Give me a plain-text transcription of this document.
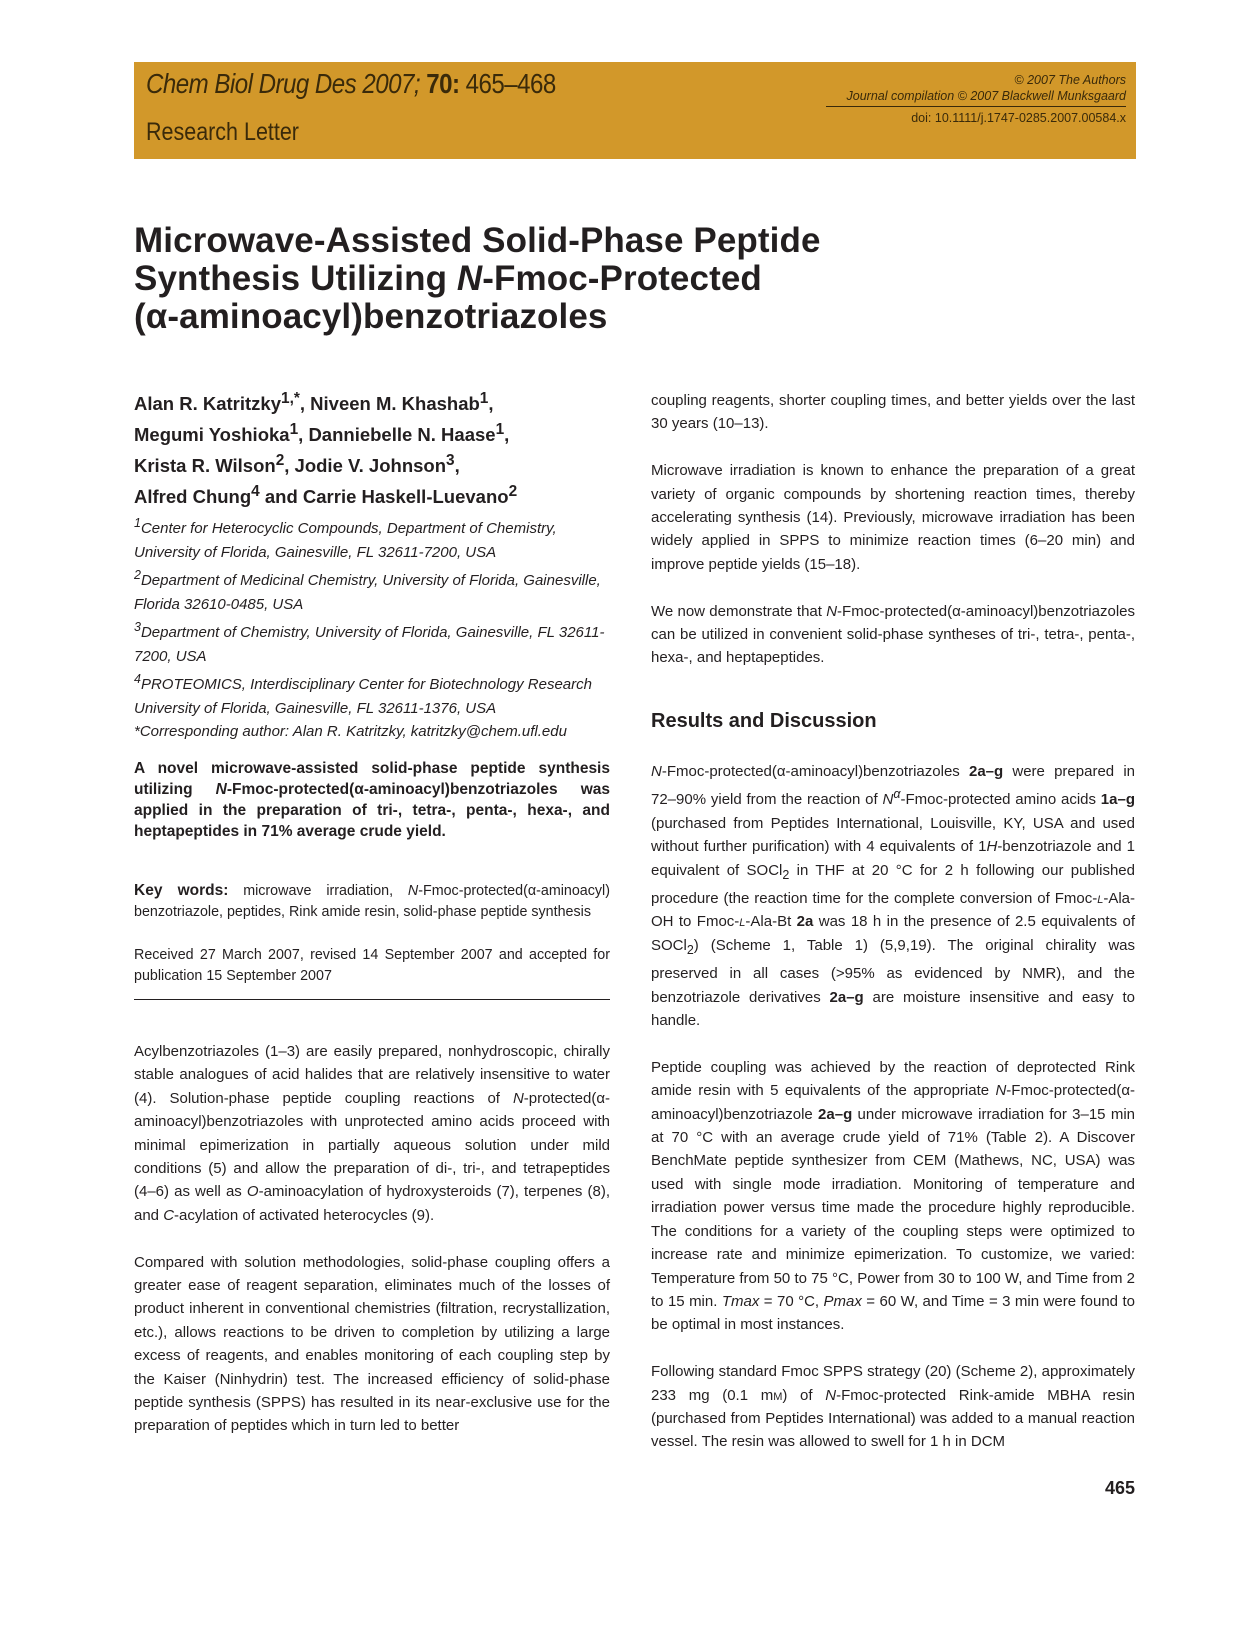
Chem Biol Drug Des 2007; 70: 465–468
Research Letter
© 2007 The Authors
Journal compilation © 2007 Blackwell Munksgaard
doi: 10.1111/j.1747-0285.2007.00584.x
Microwave-Assisted Solid-Phase Peptide
Synthesis Utilizing N-Fmoc-Protected
(α-aminoacyl)benzotriazoles

Alan R. Katritzky$^{1,*}$, Niveen M. Khashab$^1$,
Megumi Yoshioka$^1$, Danniebelle N. Haase$^1$,
Krista R. Wilson$^2$, Jodie V. Johnson$^3$,
Alfred Chung$^4$ and Carrie Haskell-Luevano$^2$

$^1$Center for Heterocyclic Compounds, Department of Chemistry, University of Florida, Gainesville, FL 32611-7200, USA

$^2$Department of Medicinal Chemistry, University of Florida, Gainesville, Florida 32610-0485, USA

$^3$Department of Chemistry, University of Florida, Gainesville, FL 32611-7200, USA

$^4$PROTEOMICS, Interdisciplinary Center for Biotechnology Research University of Florida, Gainesville, FL 32611-1376, USA

*Corresponding author: Alan R. Katritzky, katritzky@chem.ufl.edu

A novel microwave-assisted solid-phase peptide synthesis utilizing N-Fmoc-protected(α-aminoacyl)benzotriazoles was applied in the preparation of tri-, tetra-, penta-, hexa-, and heptapeptides in 71% average crude yield.

Key words: microwave irradiation, N-Fmoc-protected(α-aminoacyl) benzotriazole, peptides, Rink amide resin, solid-phase peptide synthesis

Received 27 March 2007, revised 14 September 2007 and accepted for publication 15 September 2007

Acylbenzotriazoles (1–3) are easily prepared, nonhydroscopic, chirally stable analogues of acid halides that are relatively insensitive to water (4). Solution-phase peptide coupling reactions of N-protected(α-aminoacyl)benzotriazoles with unprotected amino acids proceed with minimal epimerization in partially aqueous solution under mild conditions (5) and allow the preparation of di-, tri-, and tetrapeptides (4–6) as well as O-aminoacylation of hydroxysteroids (7), terpenes (8), and C-acylation of activated heterocycles (9).

Compared with solution methodologies, solid-phase coupling offers a greater ease of reagent separation, eliminates much of the losses of product inherent in conventional chemistries (filtration, recrystallization, etc.), allows reactions to be driven to completion by utilizing a large excess of reagents, and enables monitoring of each coupling step by the Kaiser (Ninhydrin) test. The increased efficiency of solid-phase peptide synthesis (SPPS) has resulted in its near-exclusive use for the preparation of peptides which in turn led to better

coupling reagents, shorter coupling times, and better yields over the last 30 years (10–13).

Microwave irradiation is known to enhance the preparation of a great variety of organic compounds by shortening reaction times, thereby accelerating synthesis (14). Previously, microwave irradiation has been widely applied in SPPS to minimize reaction times (6–20 min) and improve peptide yields (15–18).

We now demonstrate that N-Fmoc-protected(α-aminoacyl)benzotriazoles can be utilized in convenient solid-phase syntheses of tri-, tetra-, penta-, hexa-, and heptapeptides.

Results and Discussion

N-Fmoc-protected(α-aminoacyl)benzotriazoles 2a–g were prepared in 72–90% yield from the reaction of $N^\alpha-Fmoc$-protected amino acids 1a–g (purchased from Peptides International, Louisville, KY, USA and used without further purification) with 4 equivalents of 1H-benzotriazole and 1 equivalent of SOCl$_2$ in THF at 20 °C for 2 h following our published procedure (the reaction time for the complete conversion of Fmoc-l-Ala-OH to Fmoc-l-Ala-Bt 2a was 18 h in the presence of 2.5 equivalents of SOCl$_2$) (Scheme 1, Table 1) (5,9,19). The original chirality was preserved in all cases (>95% as evidenced by NMR), and the benzotriazole derivatives 2a–g are moisture insensitive and easy to handle.

Peptide coupling was achieved by the reaction of deprotected Rink amide resin with 5 equivalents of the appropriate N-Fmoc-protected(α-aminoacyl)benzotriazole 2a–g under microwave irradiation for 3–15 min at 70 °C with an average crude yield of 71% (Table 2). A Discover BenchMate peptide synthesizer from CEM (Mathews, NC, USA) was used with single mode irradiation. Monitoring of temperature and irradiation power versus time made the procedure highly reproducible. The conditions for a variety of the coupling steps were optimized to increase rate and minimize epimerization. To customize, we varied: Temperature from 50 to 75 °C, Power from 30 to 100 W, and Time from 2 to 15 min. Tmax = 70 °C, Pmax = 60 W, and Time = 3 min were found to be optimal in most instances.

Following standard Fmoc SPPS strategy (20) (Scheme 2), approximately 233 mg (0.1 mm) of N-Fmoc-protected Rink-amide MBHA resin (purchased from Peptides International) was added to a manual reaction vessel. The resin was allowed to swell for 1 h in DCM

465
